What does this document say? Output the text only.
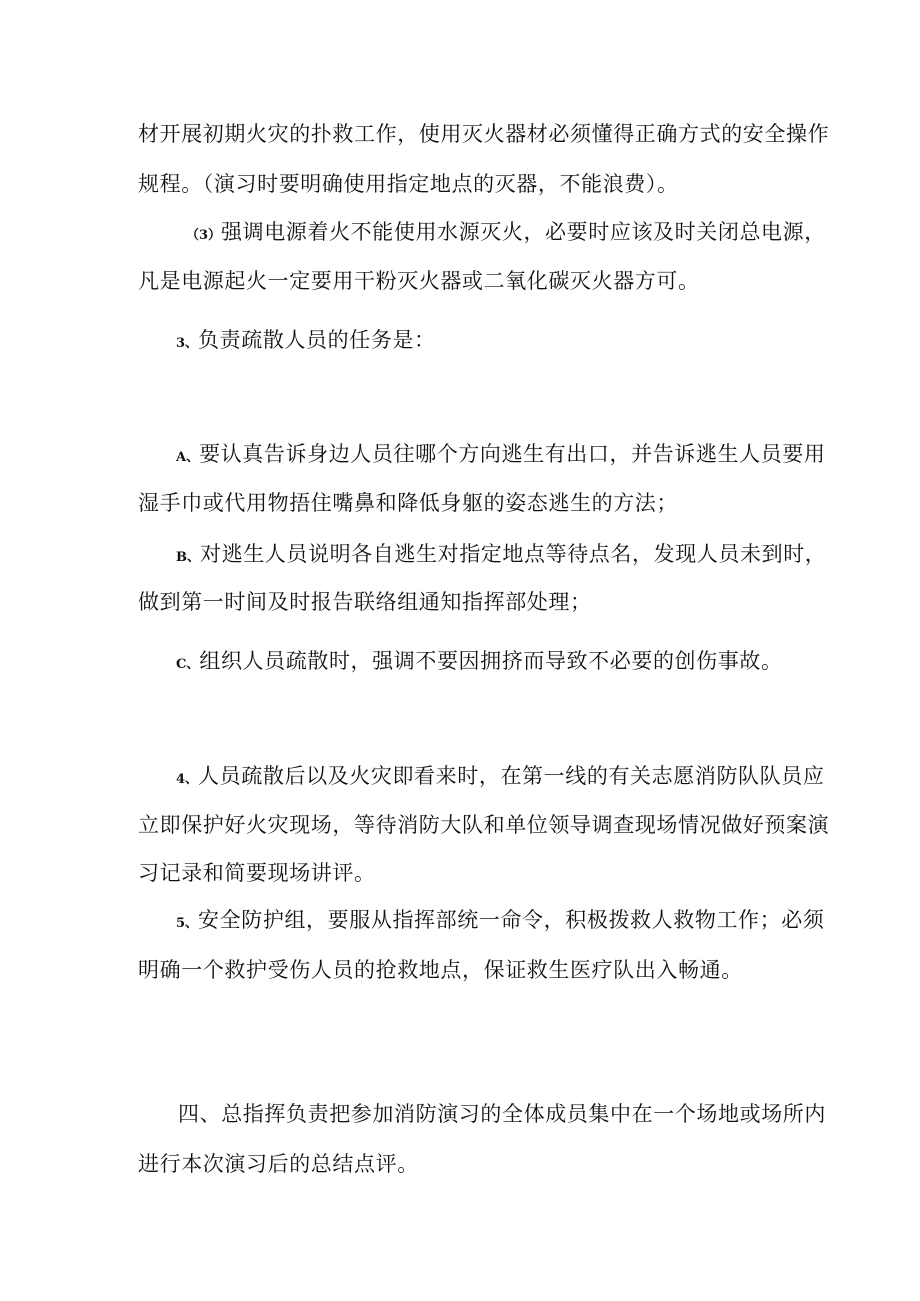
材开展初期火灾的扑救工作，使用灭火器材必须懂得正确方式的安全操作
规程。（演习时要明确使用指定地点的灭器，不能浪费）。
（3）强调电源着火不能使用水源灭火，必要时应该及时关闭总电源，
凡是电源起火一定要用干粉灭火器或二氧化碳灭火器方可。
3、负责疏散人员的任务是：
A、要认真告诉身边人员往哪个方向逃生有出口，并告诉逃生人员要用
湿手巾或代用物捂住嘴鼻和降低身躯的姿态逃生的方法；
B、对逃生人员说明各自逃生对指定地点等待点名，发现人员未到时，
做到第一时间及时报告联络组通知指挥部处理；
C、组织人员疏散时，强调不要因拥挤而导致不必要的创伤事故。
4、人员疏散后以及火灾即看来时，在第一线的有关志愿消防队队员应
立即保护好火灾现场，等待消防大队和单位领导调查现场情况做好预案演
习记录和简要现场讲评。
5、安全防护组，要服从指挥部统一命令，积极拨救人救物工作；必须
明确一个救护受伤人员的抢救地点，保证救生医疗队出入畅通。
四、总指挥负责把参加消防演习的全体成员集中在一个场地或场所内
进行本次演习后的总结点评。
